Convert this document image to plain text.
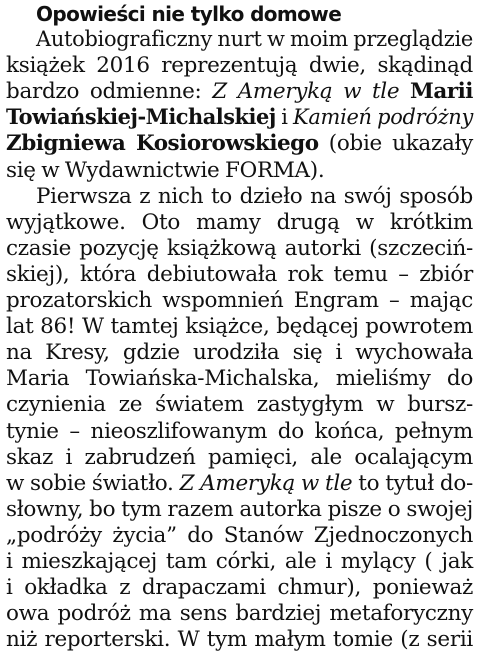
Opowieści nie tylko domowe
Autobiograficzny nurt w moim przeglądzie
książek 2016 reprezentują dwie, skądinąd
bardzo odmienne: Z Ameryką w tle Marii
Towiańskiej-Michalskiej i Kamień podróżny
Zbigniewa Kosiorowskiego (obie ukazały
się w Wydawnictwie FORMA).
Pierwsza z nich to dzieło na swój sposób
wyjątkowe. Oto mamy drugą w krótkim
czasie pozycję książkową autorki (szczeciń-
skiej), która debiutowała rok temu – zbiór
prozatorskich wspomnień Engram – mając
lat 86! W tamtej książce, będącej powrotem
na Kresy, gdzie urodziła się i wychowała
Maria Towiańska-Michalska, mieliśmy do
czynienia ze światem zastygłym w bursz-
tynie – nieoszlifowanym do końca, pełnym
skaz i zabrudzeń pamięci, ale ocalającym
w sobie światło. Z Ameryką w tle to tytuł do-
słowny, bo tym razem autorka pisze o swojej
„podróży życia” do Stanów Zjednoczonych
i mieszkającej tam córki, ale i mylący ( jak
i okładka z drapaczami chmur), ponieważ
owa podróż ma sens bardziej metaforyczny
niż reporterski. W tym małym tomie (z serii
